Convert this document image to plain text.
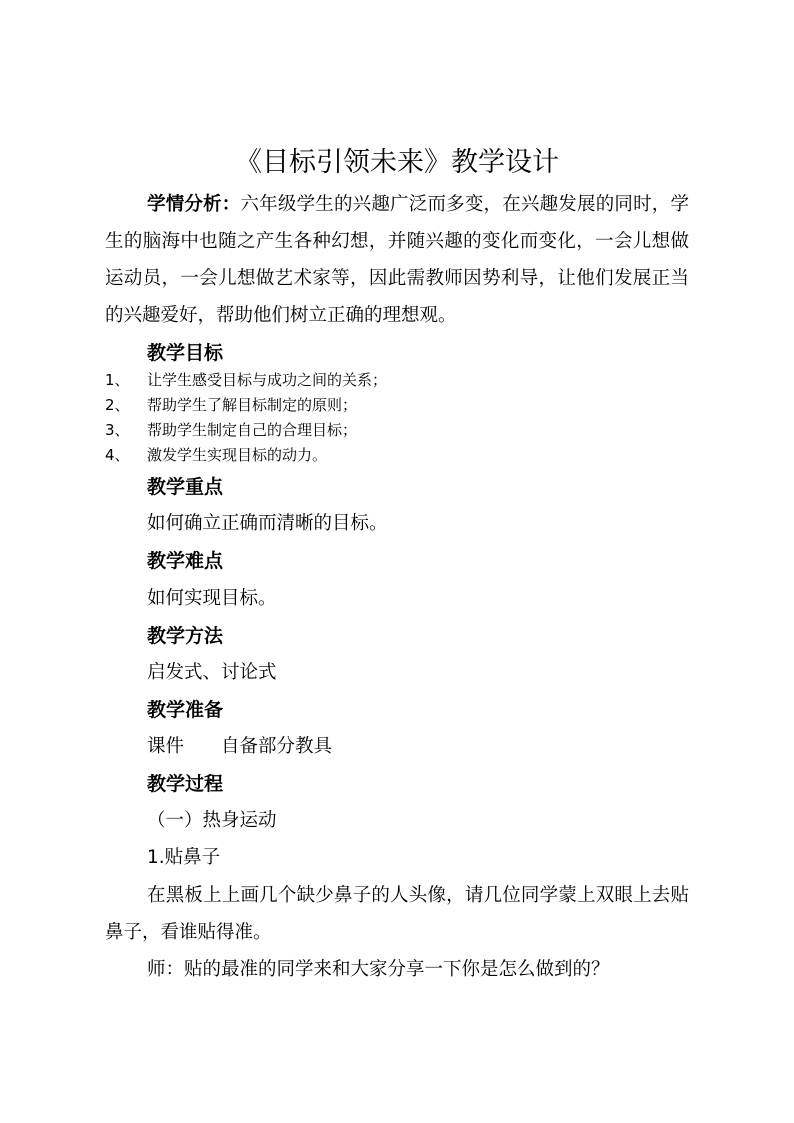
《目标引领未来》教学设计

学情分析：六年级学生的兴趣广泛而多变，在兴趣发展的同时，学生的脑海中也随之产生各种幻想，并随兴趣的变化而变化，一会儿想做运动员，一会儿想做艺术家等，因此需教师因势利导，让他们发展正当的兴趣爱好，帮助他们树立正确的理想观。

教学目标
1、 让学生感受目标与成功之间的关系；
2、 帮助学生了解目标制定的原则；
3、 帮助学生制定自己的合理目标；
4、 激发学生实现目标的动力。
教学重点

如何确立正确而清晰的目标。

教学难点

如何实现目标。

教学方法

启发式、讨论式

教学准备

课件　　自备部分教具

教学过程

（一）热身运动

1.贴鼻子

在黑板上上画几个缺少鼻子的人头像，请几位同学蒙上双眼上去贴鼻子，看谁贴得准。

师：贴的最准的同学来和大家分享一下你是怎么做到的？
